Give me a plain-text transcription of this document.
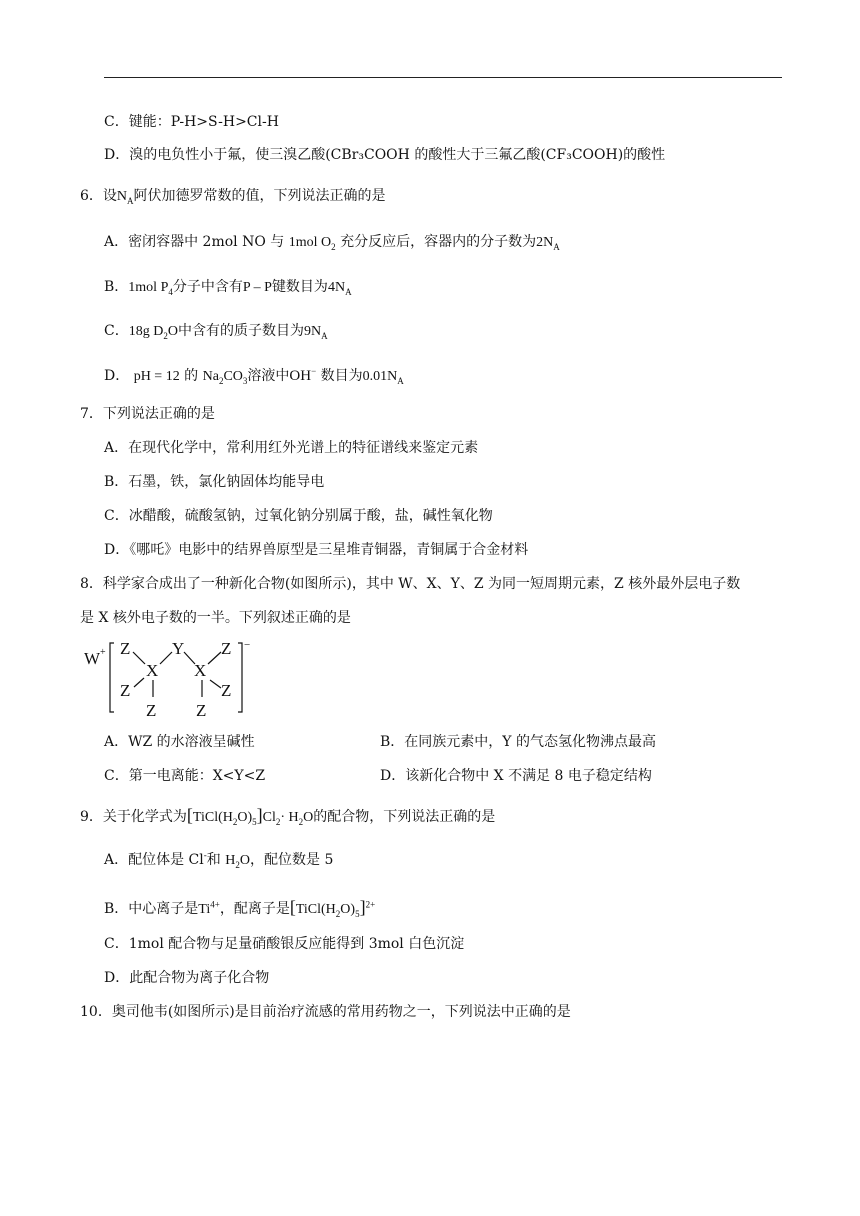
C．键能：P-H>S-H>Cl-H
D．溴的电负性小于氟，使三溴乙酸(CBr₃COOH 的酸性大于三氟乙酸(CF₃COOH)的酸性
6．设$N_A$阿伏加德罗常数的值，下列说法正确的是
A．密闭容器中 2mol NO 与 1mol $O_2$ 充分反应后，容器内的分子数为$2N_A$
B．1mol $P_4$分子中含有P – P键数目为$4N_A$
C．18g $D_2O$中含有的质子数目为$9N_A$
D． pH = 12 的 $Na_2CO_3$溶液中OH− 数目为$0.01N_A$
7．下列说法正确的是
A．在现代化学中，常利用红外光谱上的特征谱线来鉴定元素
B．石墨，铁，氯化钠固体均能导电
C．冰醋酸，硫酸氢钠，过氧化钠分别属于酸，盐，碱性氧化物
D．《哪吒》电影中的结界兽原型是三星堆青铜器，青铜属于合金材料
8．科学家合成出了一种新化合物(如图所示)，其中 W、X、Y、Z 为同一短周期元素，Z 核外最外层电子数
是 X 核外电子数的一半。下列叙述正确的是
W + Z
X
Y
X
Z
Z
Z Z
Z
−
A．WZ 的水溶液呈碱性	B．在同族元素中，Y 的气态氢化物沸点最高
C．第一电离能：X<Y<Z	D．该新化合物中 X 不满足 8 电子稳定结构
9．关于化学式为$[TiCl(H_2O)_5]Cl_2\cdot H_2O$的配合物，下列说法正确的是
A．配位体是 Cl-和 $H_2O$，配位数是 5
B．中心离子是$Ti^{4+}$，配离子是$[TiCl(H_2O)_5]^{2+}$
C．1mol 配合物与足量硝酸银反应能得到 3mol 白色沉淀
D．此配合物为离子化合物
10．奥司他韦(如图所示)是目前治疗流感的常用药物之一，下列说法中正确的是
